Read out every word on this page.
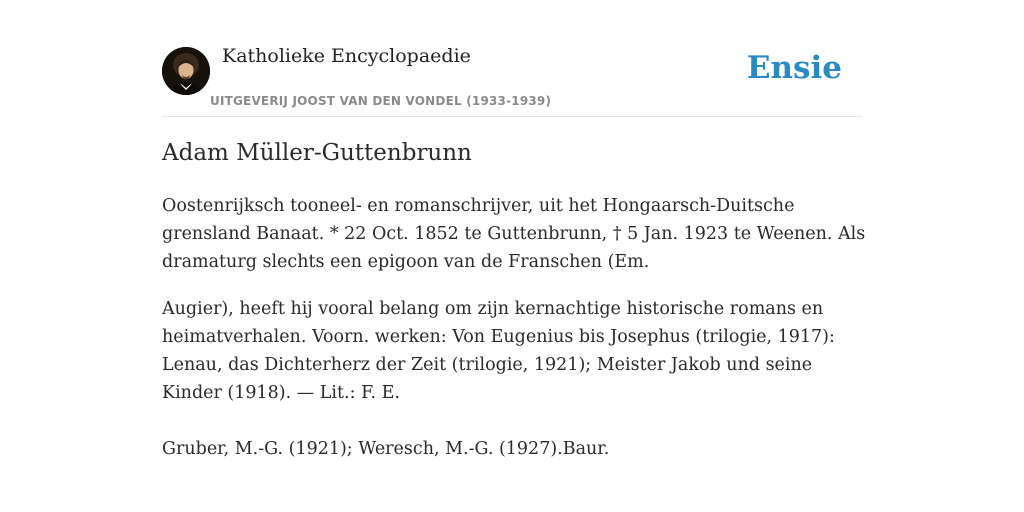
Katholieke Encyclopaedie
UITGEVERIJ JOOST VAN DEN VONDEL (1933-1939)
Ensie
Adam Müller-Guttenbrunn

Oostenrijksch tooneel- en romanschrijver, uit het Hongaarsch-Duitsche grensland Banaat. * 22 Oct. 1852 te Guttenbrunn, † 5 Jan. 1923 te Weenen. Als dramaturg slechts een epigoon van de Franschen (Em.

Augier), heeft hij vooral belang om zijn kernachtige historische romans en heimatverhalen. Voorn. werken: Von Eugenius bis Josephus (trilogie, 1917): Lenau, das Dichterherz der Zeit (trilogie, 1921); Meister Jakob und seine Kinder (1918). — Lit.: F. E.

Gruber, M.-G. (1921); Weresch, M.-G. (1927).Baur.
